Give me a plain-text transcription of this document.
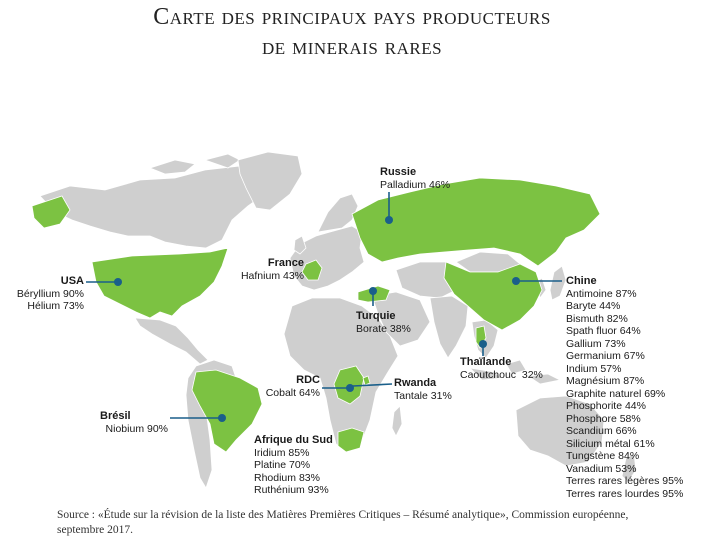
Carte des principaux pays producteurs
de minerais rares
USA
Béryllium 90%
Hélium 73%
France
Hafnium 43%
Russie
Palladium 46%
Turquie
Borate 38%
Chine
Antimoine 87%
Baryte 44%
Bismuth 82%
Spath fluor 64%
Gallium 73%
Germanium 67%
Indium 57%
Magnésium 87%
Graphite naturel 69%
Phosphorite 44%
Phosphore 58%
Scandium 66%
Silicium métal 61%
Tungstène 84%
Vanadium 53%
Terres rares légères 95%
Terres rares lourdes 95%
Thaïlande
Caoutchouc  32%
RDC
Cobalt 64%
Rwanda
Tantale 31%
Brésil
Niobium 90%
Afrique du Sud
Iridium 85%
Platine 70%
Rhodium 83%
Ruthénium 93%
Source : «Étude sur la révision de la liste des Matières Premières Critiques – Résumé analytique», Commission européenne, septembre 2017.
